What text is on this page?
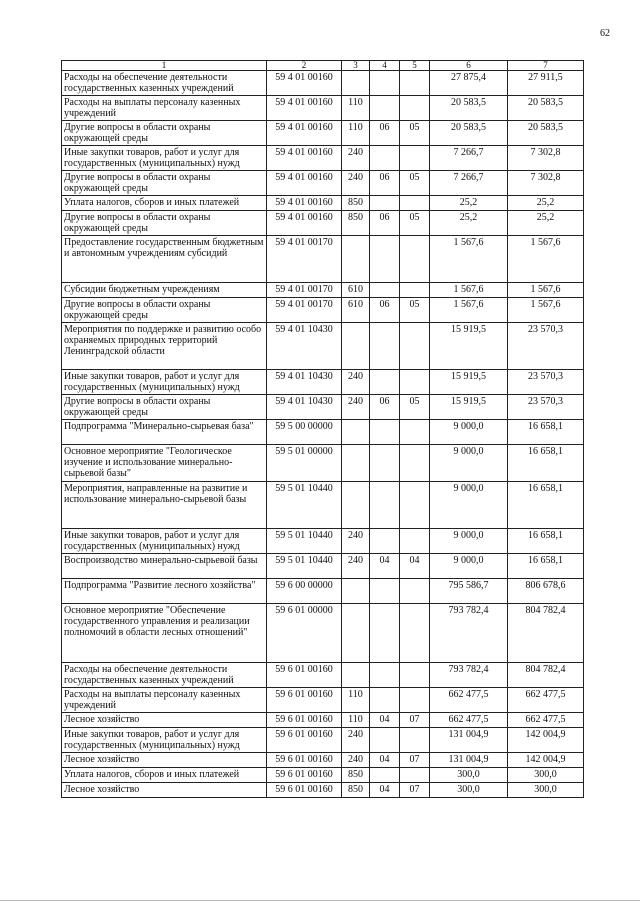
62
1	2	3	4	5	6	7
Расходы на обеспечение деятельности государственных казенных учреждений	59 4 01 00160				27 875,4	27 911,5
Расходы на выплаты персоналу казенных учреждений	59 4 01 00160	110			20 583,5	20 583,5
Другие вопросы в области охраны окружающей среды	59 4 01 00160	110	06	05	20 583,5	20 583,5
Иные закупки товаров, работ и услуг для государственных (муниципальных) нужд	59 4 01 00160	240			7 266,7	7 302,8
Другие вопросы в области охраны окружающей среды	59 4 01 00160	240	06	05	7 266,7	7 302,8
Уплата налогов, сборов и иных платежей	59 4 01 00160	850			25,2	25,2
Другие вопросы в области охраны окружающей среды	59 4 01 00160	850	06	05	25,2	25,2
Предоставление государственным бюджетным и автономным учреждениям субсидий	59 4 01 00170				1 567,6	1 567,6
Субсидии бюджетным учреждениям	59 4 01 00170	610			1 567,6	1 567,6
Другие вопросы в области охраны окружающей среды	59 4 01 00170	610	06	05	1 567,6	1 567,6
Мероприятия по поддержке и развитию особо охраняемых природных территорий Ленинградской области	59 4 01 10430				15 919,5	23 570,3
Иные закупки товаров, работ и услуг для государственных (муниципальных) нужд	59 4 01 10430	240			15 919,5	23 570,3
Другие вопросы в области охраны окружающей среды	59 4 01 10430	240	06	05	15 919,5	23 570,3
Подпрограмма "Минерально-сырьевая база"	59 5 00 00000				9 000,0	16 658,1
Основное мероприятие "Геологическое изучение и использование минерально-сырьевой базы"	59 5 01 00000				9 000,0	16 658,1
Мероприятия, направленные на развитие и использование минерально-сырьевой базы	59 5 01 10440				9 000,0	16 658,1
Иные закупки товаров, работ и услуг для государственных (муниципальных) нужд	59 5 01 10440	240			9 000,0	16 658,1
Воспроизводство минерально-сырьевой базы	59 5 01 10440	240	04	04	9 000,0	16 658,1
Подпрограмма "Развитие лесного хозяйства"	59 6 00 00000				795 586,7	806 678,6
Основное мероприятие "Обеспечение государственного управления и реализации полномочий в области лесных отношений"	59 6 01 00000				793 782,4	804 782,4
Расходы на обеспечение деятельности государственных казенных учреждений	59 6 01 00160				793 782,4	804 782,4
Расходы на выплаты персоналу казенных учреждений	59 6 01 00160	110			662 477,5	662 477,5
Лесное хозяйство	59 6 01 00160	110	04	07	662 477,5	662 477,5
Иные закупки товаров, работ и услуг для государственных (муниципальных) нужд	59 6 01 00160	240			131 004,9	142 004,9
Лесное хозяйство	59 6 01 00160	240	04	07	131 004,9	142 004,9
Уплата налогов, сборов и иных платежей	59 6 01 00160	850			300,0	300,0
Лесное хозяйство	59 6 01 00160	850	04	07	300,0	300,0
